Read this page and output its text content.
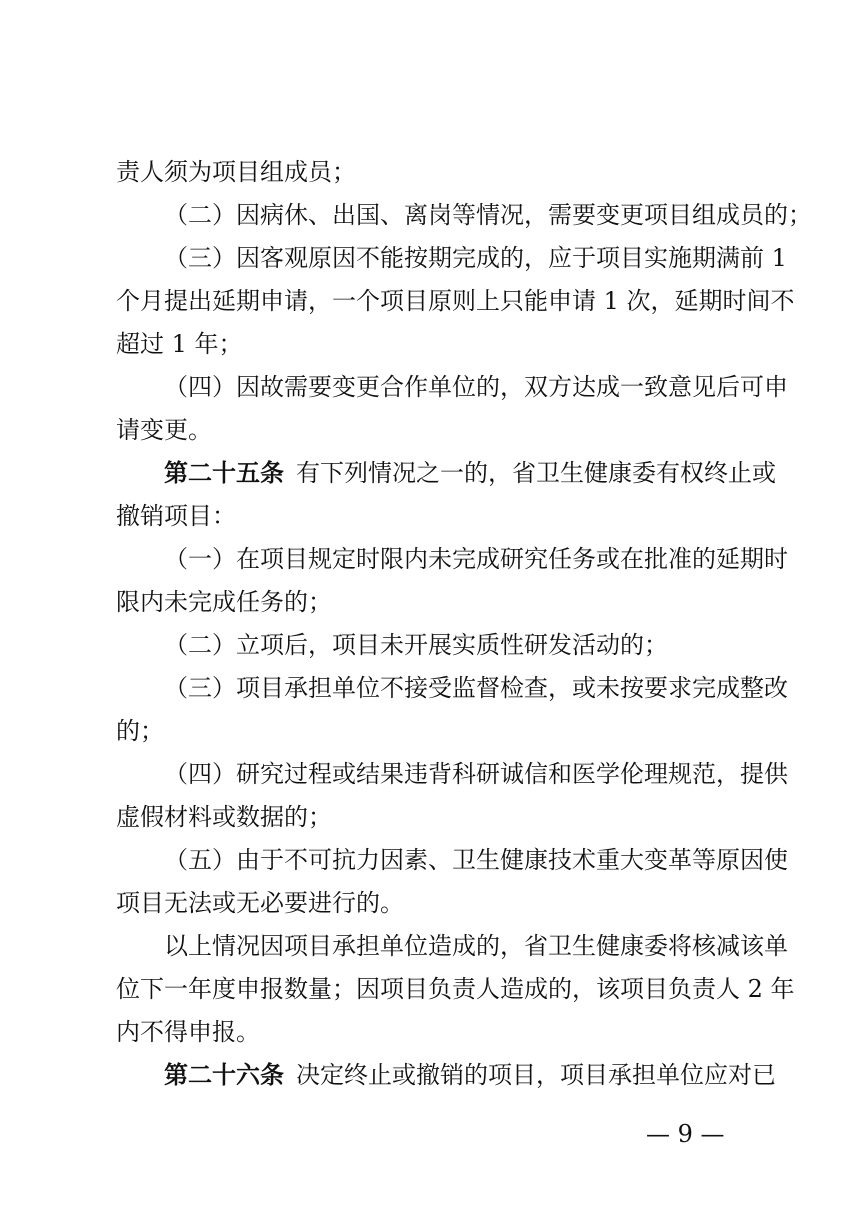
责人须为项目组成员；
（二）因病休、出国、离岗等情况，需要变更项目组成员的；
（三）因客观原因不能按期完成的，应于项目实施期满前 1
个月提出延期申请，一个项目原则上只能申请 1 次，延期时间不
超过 1 年；
（四）因故需要变更合作单位的，双方达成一致意见后可申
请变更。
第二十五条 有下列情况之一的，省卫生健康委有权终止或
撤销项目：
（一）在项目规定时限内未完成研究任务或在批准的延期时
限内未完成任务的；
（二）立项后，项目未开展实质性研发活动的；
（三）项目承担单位不接受监督检查，或未按要求完成整改
的；
（四）研究过程或结果违背科研诚信和医学伦理规范，提供
虚假材料或数据的；
（五）由于不可抗力因素、卫生健康技术重大变革等原因使
项目无法或无必要进行的。
以上情况因项目承担单位造成的，省卫生健康委将核减该单
位下一年度申报数量；因项目负责人造成的，该项目负责人 2 年
内不得申报。
第二十六条 决定终止或撤销的项目，项目承担单位应对已
— 9 —
